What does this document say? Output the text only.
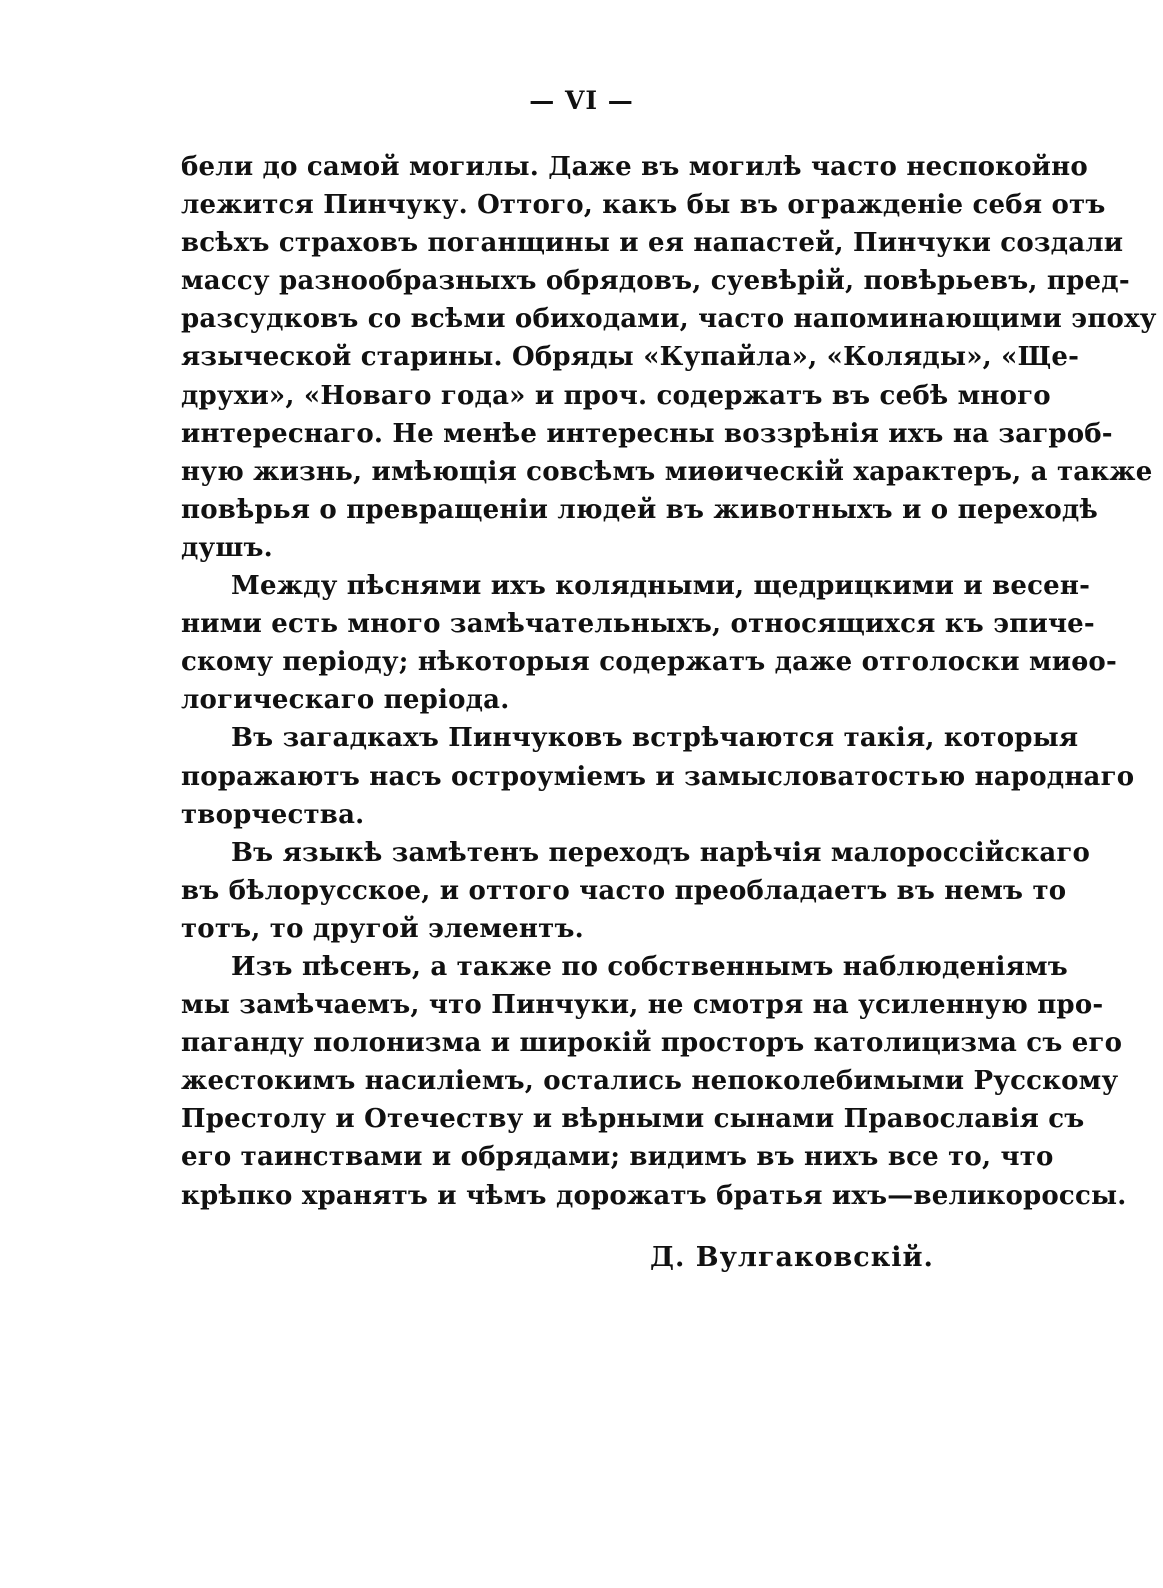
— VI —
бели до самой могилы. Даже въ могилѣ часто неспокойно
лежится Пинчуку. Оттого, какъ бы въ огражденіе себя отъ
всѣхъ страховъ поганщины и ея напастей, Пинчуки создали
массу разнообразныхъ обрядовъ, суевѣрій, повѣрьевъ, пред-
разсудковъ со всѣми обиходами, часто напоминающими эпоху
языческой старины. Обряды «Купайла», «Коляды», «Ще-
друхи», «Новаго года» и проч. содержатъ въ себѣ много
интереснаго. Не менѣе интересны воззрѣнія ихъ на загроб-
ную жизнь, имѣющія совсѣмъ миѳическій характеръ, а также
повѣрья о превращеніи людей въ животныхъ и о переходѣ
душъ.
Между пѣснями ихъ колядными, щедрицкими и весен-
ними есть много замѣчательныхъ, относящихся къ эпиче-
скому періоду; нѣкоторыя содержатъ даже отголоски миѳо-
логическаго періода.
Въ загадкахъ Пинчуковъ встрѣчаются такія, которыя
поражаютъ насъ остроуміемъ и замысловатостью народнаго
творчества.
Въ языкѣ замѣтенъ переходъ нарѣчія малороссійскаго
въ бѣлорусское, и оттого часто преобладаетъ въ немъ то
тотъ, то другой элементъ.
Изъ пѣсенъ, а также по собственнымъ наблюденіямъ
мы замѣчаемъ, что Пинчуки, не смотря на усиленную про-
паганду полонизма и широкій просторъ католицизма съ его
жестокимъ насиліемъ, остались непоколебимыми Русскому
Престолу и Отечеству и вѣрными сынами Православія съ
его таинствами и обрядами; видимъ въ нихъ все то, что
крѣпко хранятъ и чѣмъ дорожатъ братья ихъ—великороссы.
Д. Вулгаковскій.
